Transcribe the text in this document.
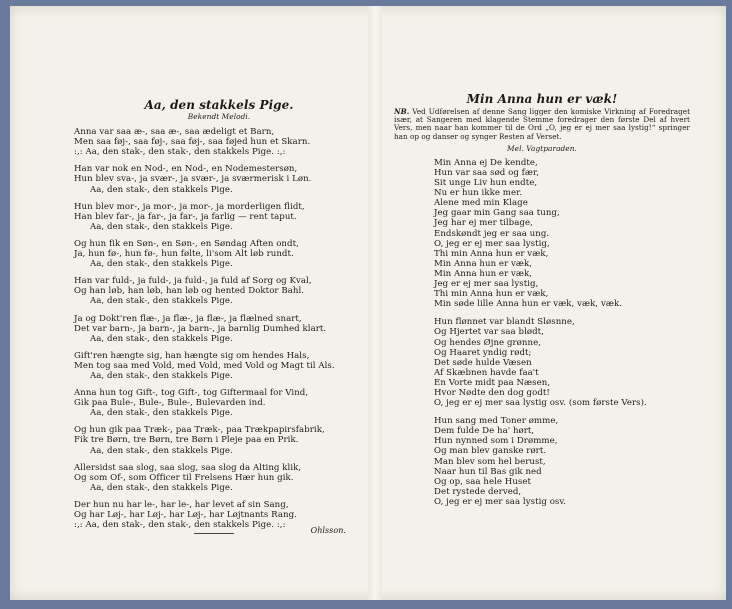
Aa, den stakkels Pige.
Bekendt Melodi.
Anna var saa æ-, saa æ-, saa ædeligt et Barn,
Men saa føj-, saa føj-, saa føj-, saa føjed hun et Skarn.
:,: Aa, den stak-, den stak-, den stakkels Pige. :,:
Han var nok en Nod-, en Nod-, en Nodemestersøn,
Hun blev sva-, ja svær-, ja svær-, ja sværmerisk i Løn.
Aa, den stak-, den stakkels Pige.
Hun blev mor-, ja mor-, ja mor-, ja morderligen flidt,
Han blev far-, ja far-, ja far-, ja farlig — rent taput.
Aa, den stak-, den stakkels Pige.
Og hun fik en Søn-, en Søn-, en Søndag Aften ondt,
Ja, hun fø-, hun fø-, hun følte, li'som Alt løb rundt.
Aa, den stak-, den stakkels Pige.
Han var fuld-, ja fuld-, ja fuld-, ja fuld af Sorg og Kval,
Og han løb, han løb, han løb og hented Doktor Bahl.
Aa, den stak-, den stakkels Pige.
Ja og Dokt'ren flæ-, ja flæ-, ja flæ-, ja flælned snart,
Det var barn-, ja barn-, ja barn-, ja barnlig Dumhed klart.
Aa, den stak-, den stakkels Pige.
Gift'ren hængte sig, han hængte sig om hendes Hals,
Men tog saa med Vold, med Vold, med Vold og Magt til Als.
Aa, den stak-, den stakkels Pige.
Anna hun tog Gift-, tog Gift-, tog Giftermaal for Vind,
Gik paa Bule-, Bule-, Bule-, Bulevarden ind.
Aa, den stak-, den stakkels Pige.
Og hun gik paa Træk-, paa Træk-, paa Trækpapirsfabrik,
Fik tre Børn, tre Børn, tre Børn i Pleje paa en Prik.
Aa, den stak-, den stakkels Pige.
Allersidst saa slog, saa slog, saa slog da Alting klik,
Og som Of-, som Officer til Frelsens Hær hun gik.
Aa, den stak-, den stakkels Pige.
Der hun nu har le-, har le-, har levet af sin Sang,
Og har Løj-, har Løj-, har Løj-, har Løjtnants Rang.
:,: Aa, den stak-, den stak-, den stakkels Pige. :,:
Ohlsson.
Min Anna hun er væk!
NB. Ved Udførelsen af denne Sang ligger den komiske Virkning af Foredraget især, at Sangeren med klagende Stemme foredrager den første Del af hvert Vers, men naar han kommer til de Ord „O, jeg er ej mer saa lystig!“ springer han op og danser og synger Resten af Verset.
Mel. Vagtparaden.
Min Anna ej De kendte,
Hun var saa sød og fær,
Sit unge Liv hun endte,
Nu er hun ikke mer.
Alene med min Klage
Jeg gaar min Gang saa tung,
Jeg har ej mer tilbage,
Endskøndt jeg er saa ung.
O, jeg er ej mer saa lystig,
Thi min Anna hun er væk,
Min Anna hun er væk,
Min Anna hun er væk,
Jeg er ej mer saa lystig,
Thi min Anna hun er væk,
Min søde lille Anna hun er væk, væk, væk.
Hun flønnet var blandt Sløsnne,
Og Hjertet var saa blødt,
Og hendes Øjne grønne,
Og Haaret yndig rødt;
Det søde hulde Væsen
Af Skæbnen havde faa't
En Vorte midt paa Næsen,
Hvor Nødte den dog godt!
O, jeg er ej mer saa lystig osv. (som første Vers).
Hun sang med Toner ømme,
Dem fulde De ha' hørt,
Hun nynned som i Drømme,
Og man blev ganske rørt.
Man blev som hel berust,
Naar hun til Bas gik ned
Og op, saa hele Huset
Det rystede derved,
O, jeg er ej mer saa lystig osv.
